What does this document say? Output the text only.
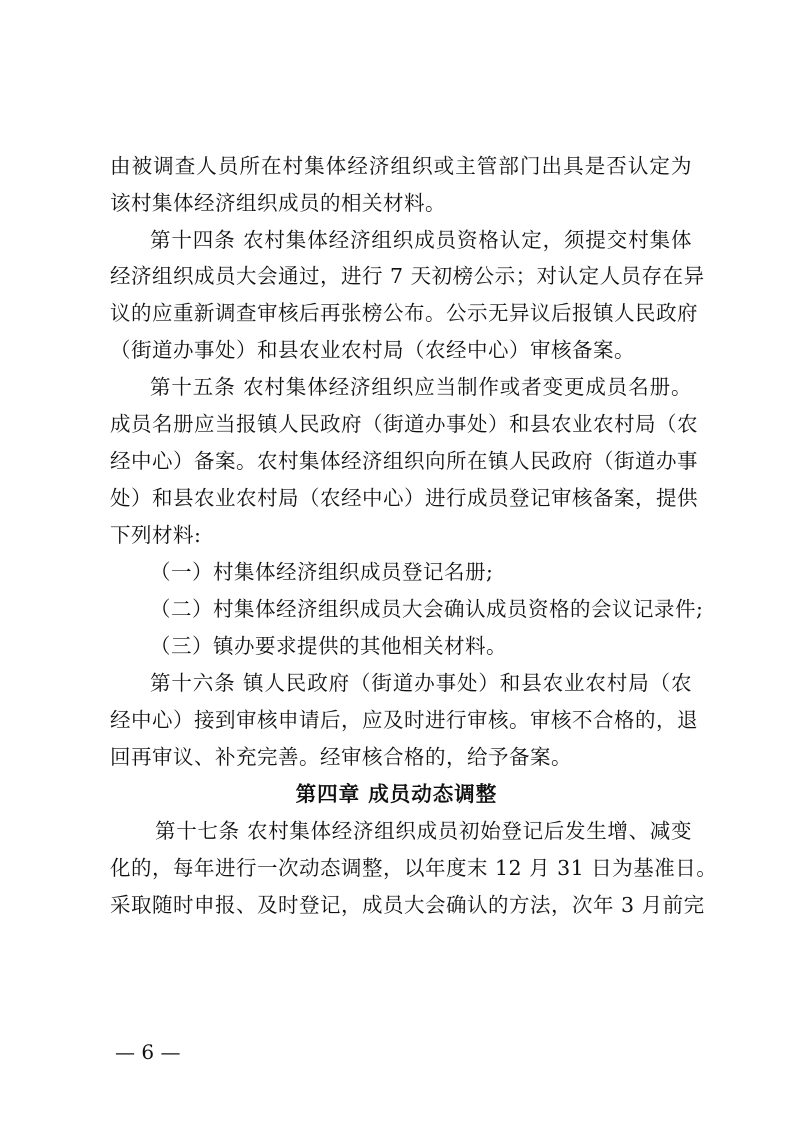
由被调查人员所在村集体经济组织或主管部门出具是否认定为
该村集体经济组织成员的相关材料。
第十四条 农村集体经济组织成员资格认定，须提交村集体
经济组织成员大会通过，进行 7 天初榜公示；对认定人员存在异
议的应重新调查审核后再张榜公布。公示无异议后报镇人民政府
（街道办事处）和县农业农村局（农经中心）审核备案。
第十五条 农村集体经济组织应当制作或者变更成员名册。
成员名册应当报镇人民政府（街道办事处）和县农业农村局（农
经中心）备案。农村集体经济组织向所在镇人民政府（街道办事
处）和县农业农村局（农经中心）进行成员登记审核备案，提供
下列材料:
（一）村集体经济组织成员登记名册;
（二）村集体经济组织成员大会确认成员资格的会议记录件;
（三）镇办要求提供的其他相关材料。
第十六条 镇人民政府（街道办事处）和县农业农村局（农
经中心）接到审核申请后，应及时进行审核。审核不合格的，退
回再审议、补充完善。经审核合格的，给予备案。
第四章 成员动态调整
第十七条 农村集体经济组织成员初始登记后发生增、减变
化的，每年进行一次动态调整，以年度末 12 月 31 日为基准日。
采取随时申报、及时登记，成员大会确认的方法，次年 3 月前完
— 6 —
